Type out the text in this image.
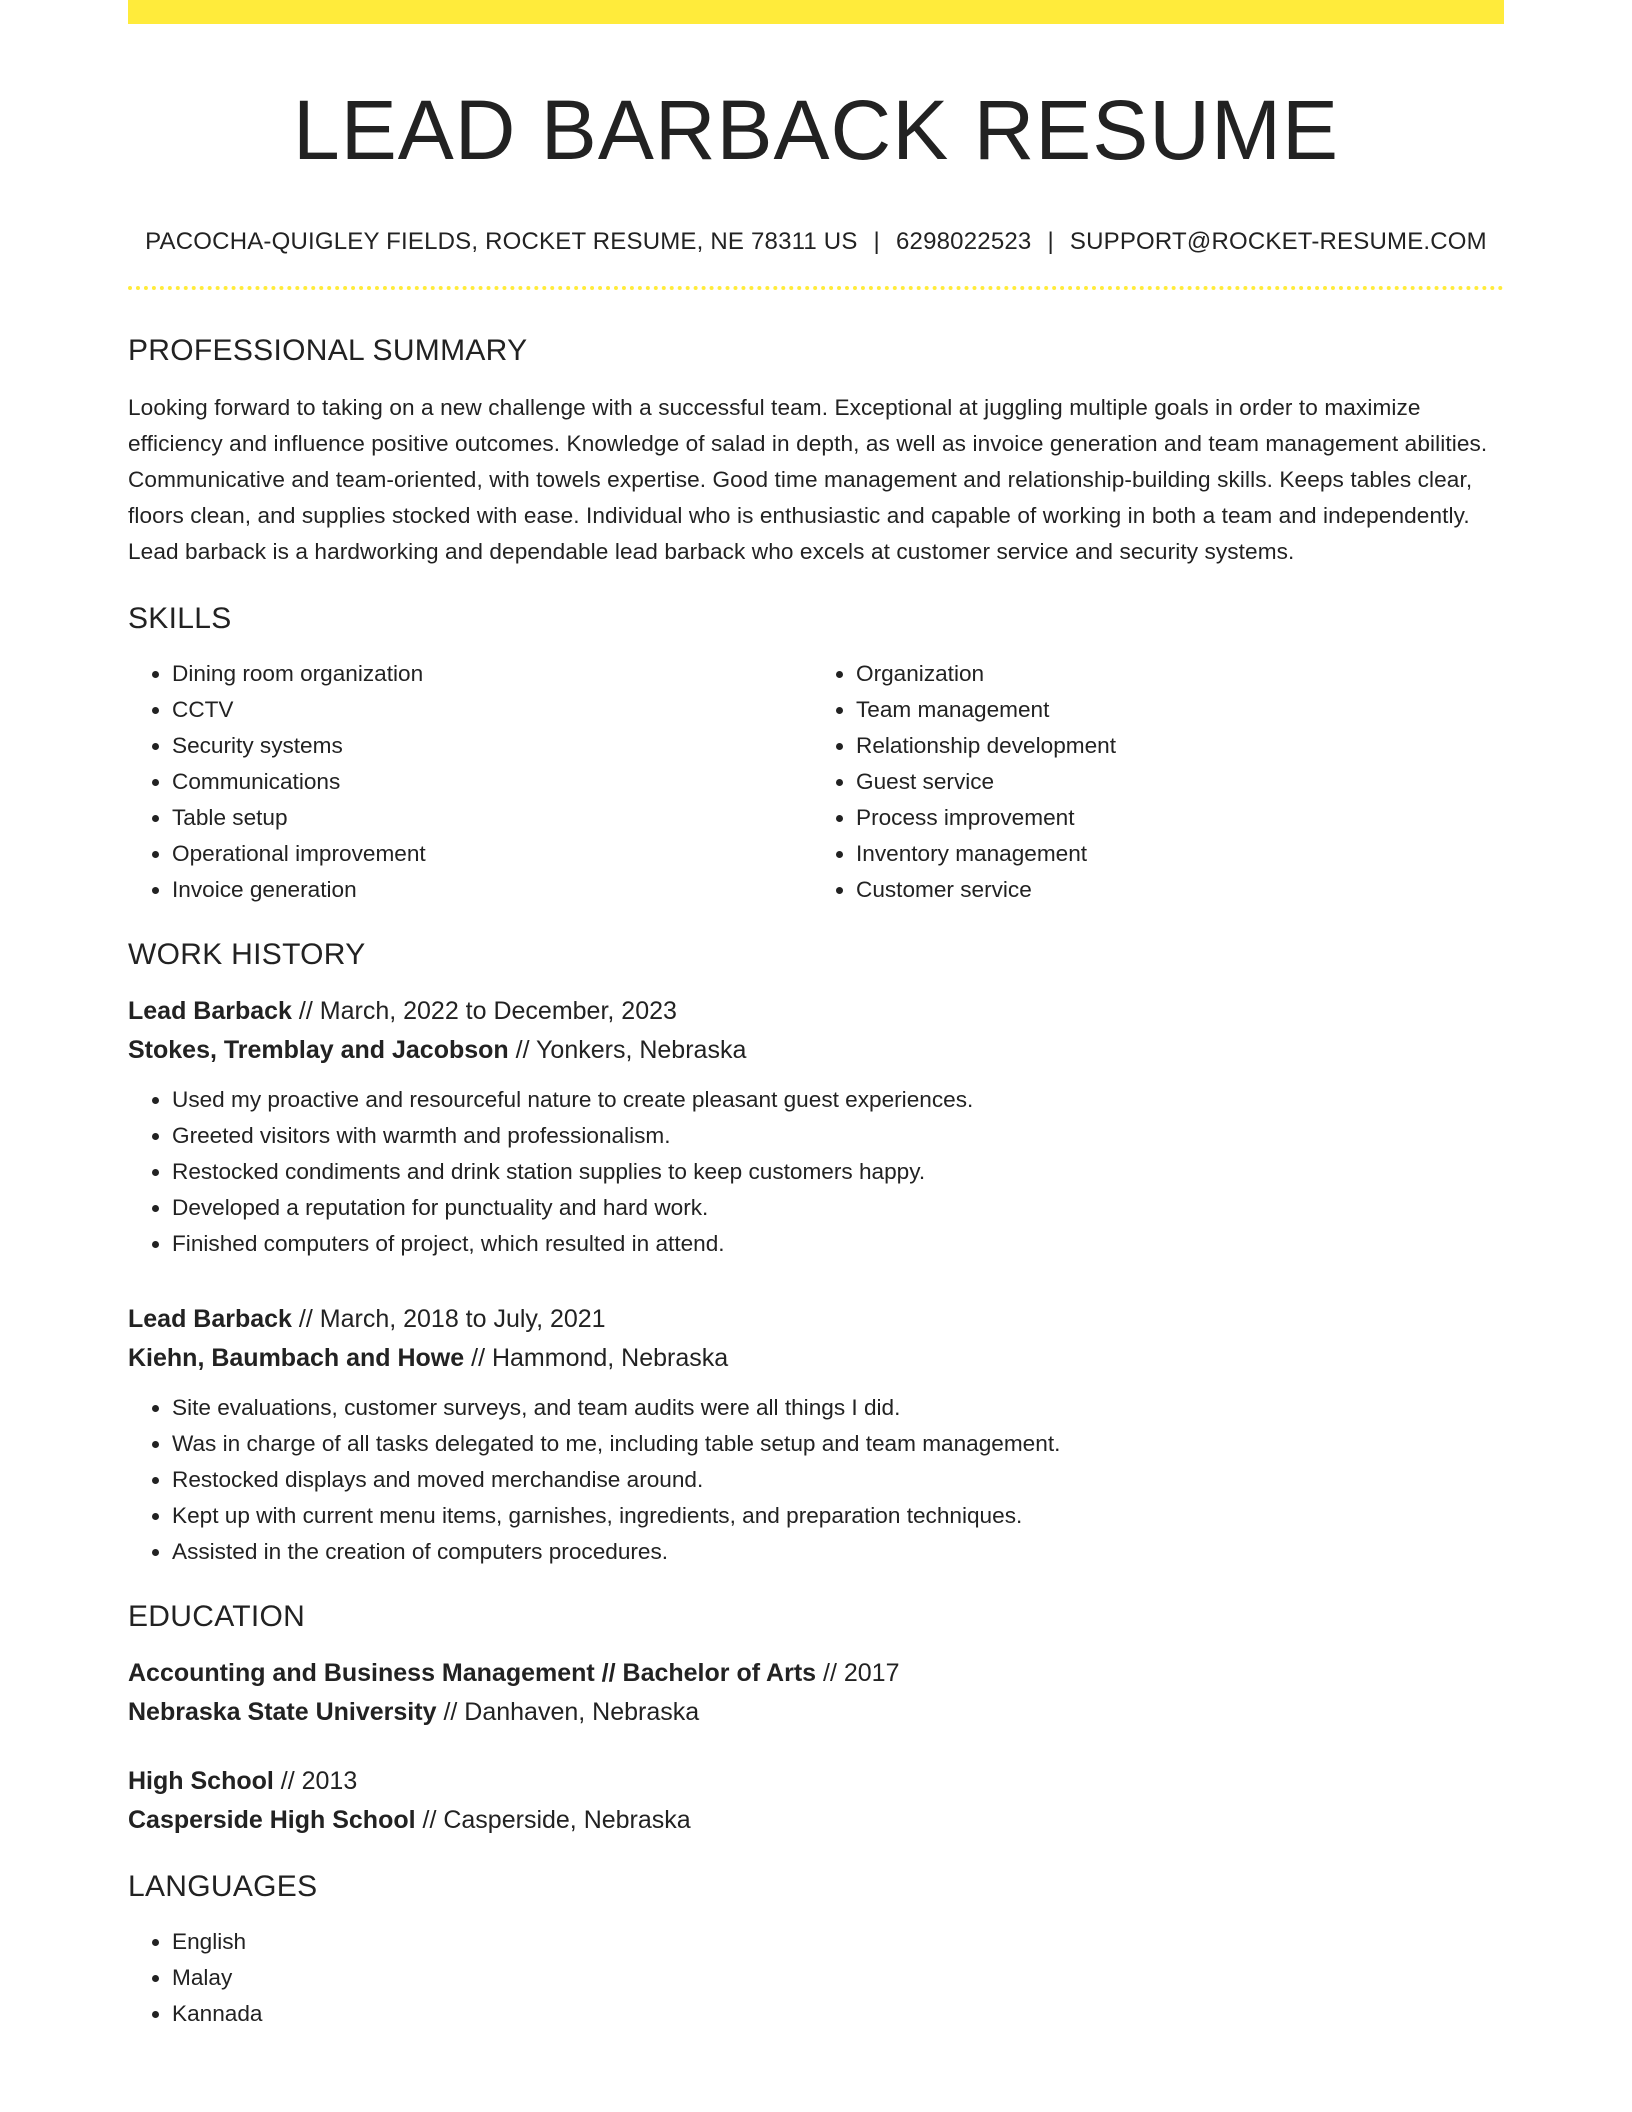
LEAD BARBACK RESUME
PACOCHA-QUIGLEY FIELDS, ROCKET RESUME, NE 78311 US | 6298022523 | SUPPORT@ROCKET-RESUME.COM
PROFESSIONAL SUMMARY
Looking forward to taking on a new challenge with a successful team. Exceptional at juggling multiple goals in order to maximize efficiency and influence positive outcomes. Knowledge of salad in depth, as well as invoice generation and team management abilities. Communicative and team-oriented, with towels expertise. Good time management and relationship-building skills. Keeps tables clear, floors clean, and supplies stocked with ease. Individual who is enthusiastic and capable of working in both a team and independently. Lead barback is a hardworking and dependable lead barback who excels at customer service and security systems.
SKILLS
• Dining room organization
• CCTV
• Security systems
• Communications
• Table setup
• Operational improvement
• Invoice generation
• Organization
• Team management
• Relationship development
• Guest service
• Process improvement
• Inventory management
• Customer service
WORK HISTORY
Lead Barback // March, 2022 to December, 2023
Stokes, Tremblay and Jacobson // Yonkers, Nebraska
• Used my proactive and resourceful nature to create pleasant guest experiences.
• Greeted visitors with warmth and professionalism.
• Restocked condiments and drink station supplies to keep customers happy.
• Developed a reputation for punctuality and hard work.
• Finished computers of project, which resulted in attend.
Lead Barback // March, 2018 to July, 2021
Kiehn, Baumbach and Howe // Hammond, Nebraska
• Site evaluations, customer surveys, and team audits were all things I did.
• Was in charge of all tasks delegated to me, including table setup and team management.
• Restocked displays and moved merchandise around.
• Kept up with current menu items, garnishes, ingredients, and preparation techniques.
• Assisted in the creation of computers procedures.
EDUCATION
Accounting and Business Management // Bachelor of Arts // 2017
Nebraska State University // Danhaven, Nebraska
High School // 2013
Casperside High School // Casperside, Nebraska
LANGUAGES
• English
• Malay
• Kannada
